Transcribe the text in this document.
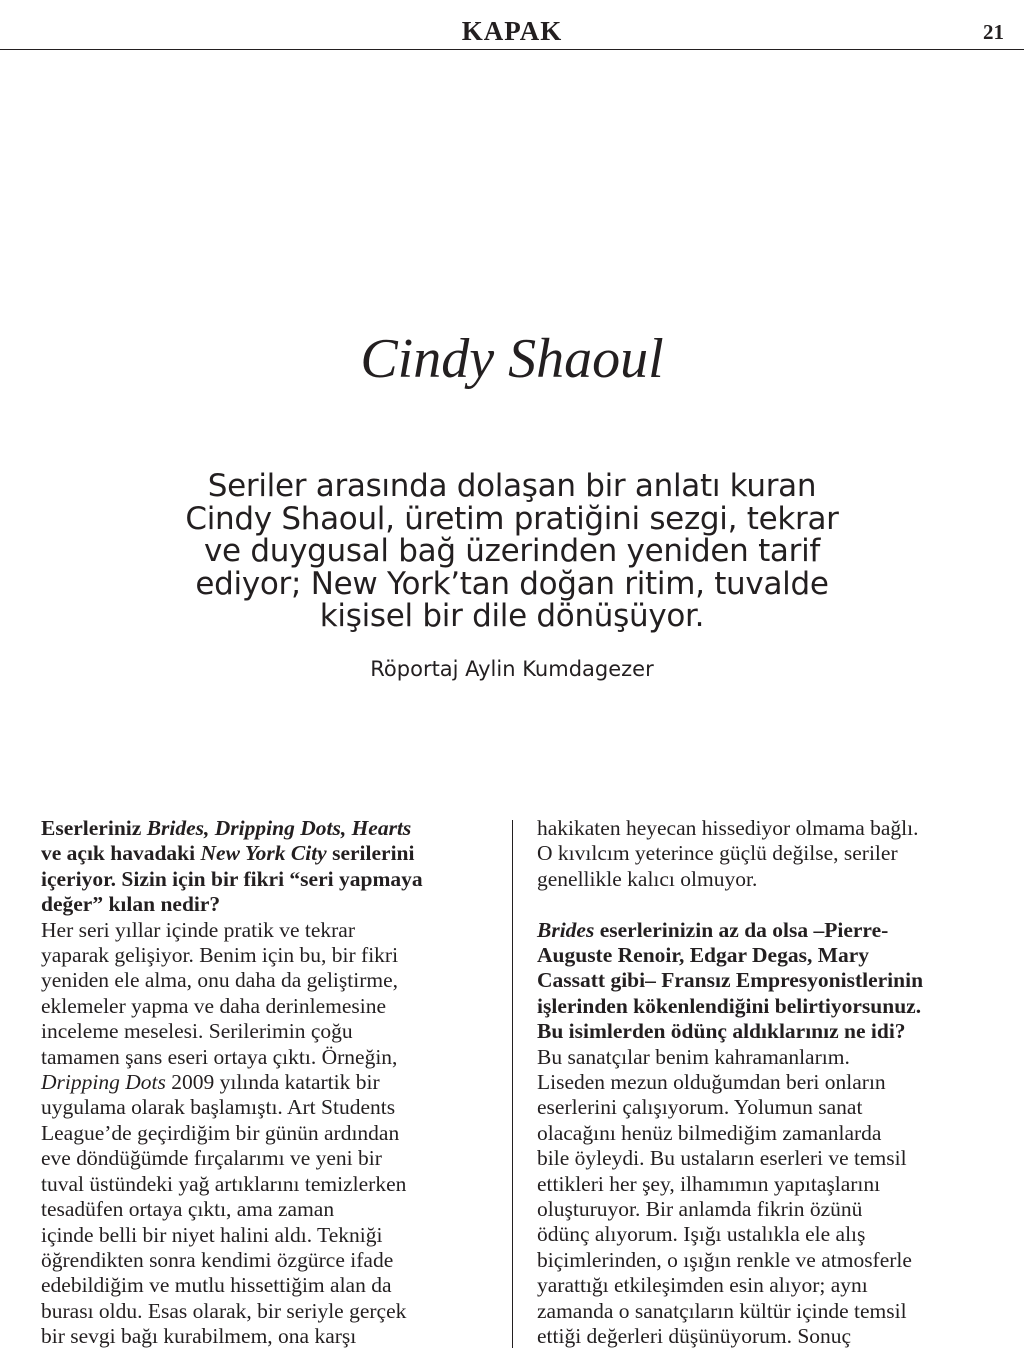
KAPAK	21
Cindy Shaoul
Seriler arasında dolaşan bir anlatı kuran
Cindy Shaoul, üretim pratiğini sezgi, tekrar
ve duygusal bağ üzerinden yeniden tarif
ediyor; New York’tan doğan ritim, tuvalde
kişisel bir dile dönüşüyor.
Röportaj Aylin Kumdagezer
Eserleriniz Brides, Dripping Dots, Hearts
ve açık havadaki New York City serilerini
içeriyor. Sizin için bir fikri “seri yapmaya
değer” kılan nedir?
Her seri yıllar içinde pratik ve tekrar
yaparak gelişiyor. Benim için bu, bir fikri
yeniden ele alma, onu daha da geliştirme,
eklemeler yapma ve daha derinlemesine
inceleme meselesi. Serilerimin çoğu
tamamen şans eseri ortaya çıktı. Örneğin,
Dripping Dots 2009 yılında katartik bir
uygulama olarak başlamıştı. Art Students
League’de geçirdiğim bir günün ardından
eve döndüğümde fırçalarımı ve yeni bir
tuval üstündeki yağ artıklarını temizlerken
tesadüfen ortaya çıktı, ama zaman
içinde belli bir niyet halini aldı. Tekniği
öğrendikten sonra kendimi özgürce ifade
edebildiğim ve mutlu hissettiğim alan da
burası oldu. Esas olarak, bir seriyle gerçek
bir sevgi bağı kurabilmem, ona karşı
hakikaten heyecan hissediyor olmama bağlı.
O kıvılcım yeterince güçlü değilse, seriler
genellikle kalıcı olmuyor.
Brides eserlerinizin az da olsa –Pierre-
Auguste Renoir, Edgar Degas, Mary
Cassatt gibi– Fransız Empresyonistlerinin
işlerinden kökenlendiğini belirtiyorsunuz.
Bu isimlerden ödünç aldıklarınız ne idi?
Bu sanatçılar benim kahramanlarım.
Liseden mezun olduğumdan beri onların
eserlerini çalışıyorum. Yolumun sanat
olacağını henüz bilmediğim zamanlarda
bile öyleydi. Bu ustaların eserleri ve temsil
ettikleri her şey, ilhamımın yapıtaşlarını
oluşturuyor. Bir anlamda fikrin özünü
ödünç alıyorum. Işığı ustalıkla ele alış
biçimlerinden, o ışığın renkle ve atmosferle
yarattığı etkileşimden esin alıyor; aynı
zamanda o sanatçıların kültür içinde temsil
ettiği değerleri düşünüyorum. Sonuç
